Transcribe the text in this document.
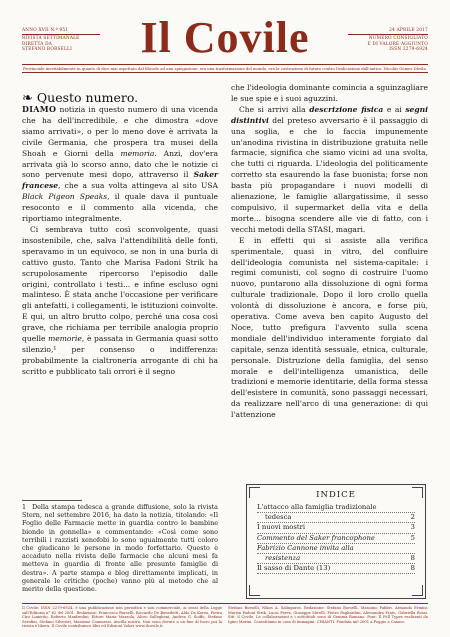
ANNO XVII N.º 951
RIVISTA SETTIMANALE
DIRETTA DA
STEFANO BORSELLI	Il Covile	24 APRILE 2017
NUMERO CONSIGLIATO
E DI VALORE AGGIUNTO
ISSN 2279-6924
Provinciale inevitabilmente in quanto di dice mai aspettato dal filosofo ad una spiegazione: era una trasformazione del mondo, era la costruzione di futuro contro l'indicazione dall'antico. Nicolás Gómez Dávila.
❧ Questo numero.

DIAMO notizia in questo numero di una vicenda che ha dell'incredibile, e che dimostra «dove siamo arrivati», o per lo meno dove è arrivata la civile Germania, che prospera tra musei della Shoah e Giorni della memoria. Anzi, dov'era arrivata già lo scorso anno, dato che le notizie ci sono pervenute mesi dopo, attraverso il Saker francese, che a sua volta attingeva al sito USA Black Pigeon Speaks, il quale dava il puntuale resoconto e il commento alla vicenda, che riportiamo integralmente.

Ci sembrava tutto così sconvolgente, quasi insostenibile, che, salva l'attendibilità delle fonti, speravamo in un equivoco, se non in una burla di cattivo gusto. Tanto che Marisa Fadoni Strik ha scrupolosamente ripercorso l'episodio dalle origini, controllato i testi... e infine escluso ogni malinteso. È stata anche l'occasione per verificare gli antefatti, i collegamenti, le istituzioni coinvolte. E qui, un altro brutto colpo, perché una cosa così grave, che richiama per terribile analogia proprio quelle memorie, è passata in Germania quasi sotto silenzio,¹ per consenso o indifferenza: probabilmente la cialtroneria arrogante di chi ha scritto e pubblicato tali orrori è il segno

1 Della stampa tedesca a grande diffusione, solo la rivista Stern, nel settembre 2016, ha dato la notizia, titolando: «Il Foglio delle Farmacie mette in guardia contro le bambine bionde in gonnella» e commentando: «Così come sono terribili i razzisti xenofobi lo sono ugualmente tutti coloro che giudicano le persone in modo forfettario. Questo è accaduto nella rivista delle farmacie che alcuni mesi fa metteva in guardia di fronte alle presunte famiglie di destra». A parte stampa e blog direttamente implicati, in generale le critiche (poche) vanno più al metodo che al merito della questione.

che l'ideologia dominante comincia a sguinzagliare le sue spie e i suoi aguzzini.

Che si arrivi alla descrizione fisica e ai segni distintivi del preteso avversario è il passaggio di una soglia, e che lo faccia impunemente un'anodina rivistina in distribuzione gratuita nelle farmacie, significa che siamo vicini ad una svolta, che tutti ci riguarda. L'ideologia del politicamente corretto sta esaurendo la fase buonista; forse non basta più propagandare i nuovi modelli di alienazione, le famiglie allargatissime, il sesso compulsivo, il supermarket della vita e della morte... bisogna scendere alle vie di fatto, con i vecchi metodi della STASI, magari.

E in effetti qui si assiste alla verifica sperimentale, quasi in vitro, del confluire dell'ideologia comunista nel sistema-capitale: i regimi comunisti, col sogno di costruire l'uomo nuovo, puntarono alla dissoluzione di ogni forma culturale tradizionale. Dopo il loro crollo quella volontà di dissoluzione è ancora, e forse più, operativa. Come aveva ben capito Augusto del Noce, tutto prefigura l'avvento sulla scena mondiale dell'individuo interamente forgiato dal capitale, senza identità sessuale, etnica, culturale, personale. Distruzione della famiglia, del senso morale e dell'intelligenza umanistica, delle tradizioni e memorie identitarie, della forma stessa dell'esistere in comunità, sono passaggi necessari, da realizzare nell'arco di una generazione: di qui l'attenzione

INDICE
L'attacco alla famiglia tradizionale
tedesca	2
I nuovi mostri	3
Commento del Saker francophone	5
Fabrizio Cannone invita alla
resistenza	8
Il sasso di Dante (13)	8
Il Covile, ISSN 2279-6924, è una pubblicazione non periodica e non commerciale, ai sensi della Legge sull'Editoria n° 62 del 2001. Redazione: Francesco Borselli, Riccardo De Benedetti, Aldo De Korea, Pietro Ciro Lumetto, Roberto Manfredini, Ettore Maria Mazzola, Alceo Sallegheni, Andrea G. Sciffo, Stefano Serafini, Stefano Silvestri, Massimo Commessi. Ancilla nostra. Non sono dovute a un fine di lucro poi la rivista è libera. Il Covile contribuisce libri ed Edizioni Valori www.ilcovile.it.
Stefano Borselli, Nikos A. Salingaros. Redazione: Stefano Borselli, Massimo Fabbri, Armando Ermini, Marisa Fadoni Strik, Lucio Perez, Giuseppe Mirelli, Pietro Pagliardini, Alessandra Prato, Gabriella Rossi. Siti: il Covile. Le collaborazioni e i sottotitoli sono di Gemma Romano. Font: Il Fell Types realizzati da Igino Marini. Contattiamo in caso di immagini: CHIANTI. Fondata nel 2001 a Poggio a Caiano.
